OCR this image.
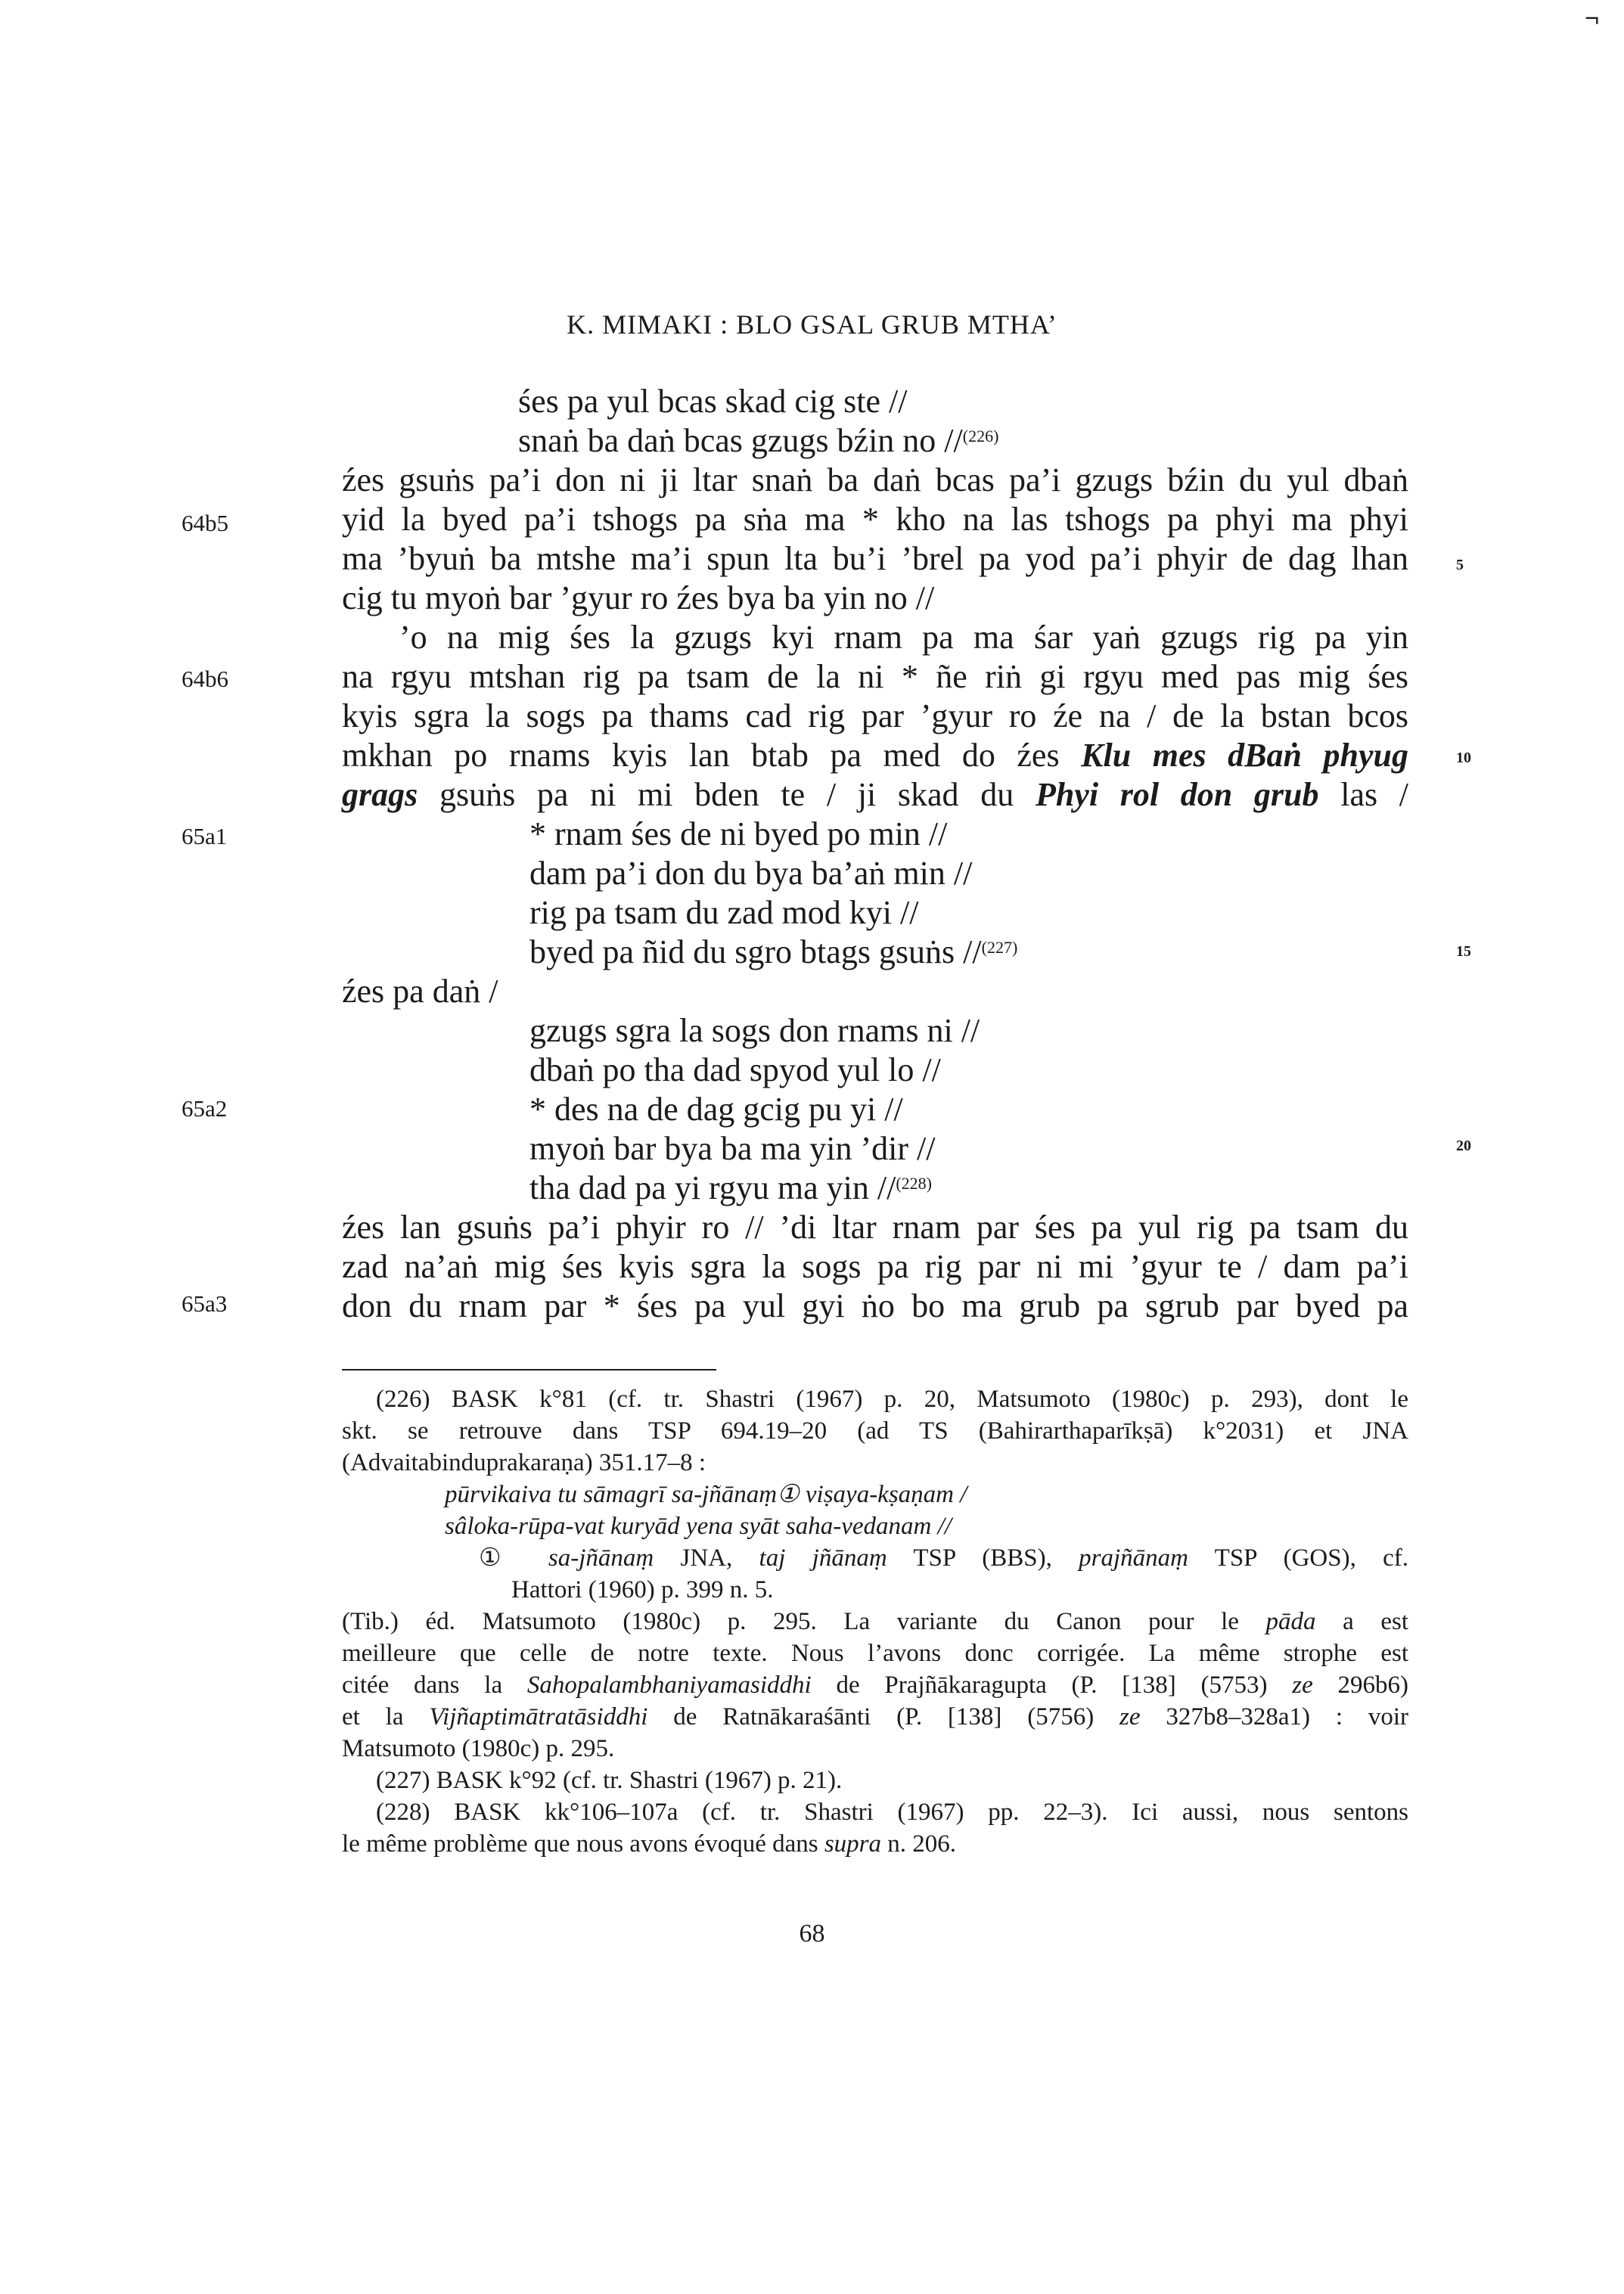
¬
K. MIMAKI : BLO GSAL GRUB MTHA’
64b5
64b6
65a1
65a2
65a3
5
10
15
20
śes pa yul bcas skad cig ste //
snaṅ ba daṅ bcas gzugs bźin no //$^{(226)}$
źes gsuṅs pa’i don ni ji ltar snaṅ ba daṅ bcas pa’i gzugs bźin du yul dbaṅ
yid la byed pa’i tshogs pa sṅa ma * kho na las tshogs pa phyi ma phyi
ma ’byuṅ ba mtshe ma’i spun lta bu’i ’brel pa yod pa’i phyir de dag lhan
cig tu myoṅ bar ’gyur ro źes bya ba yin no //
’o na mig śes la gzugs kyi rnam pa ma śar yaṅ gzugs rig pa yin
na rgyu mtshan rig pa tsam de la ni * ñe riṅ gi rgyu med pas mig śes
kyis sgra la sogs pa thams cad rig par ’gyur ro źe na / de la bstan bcos
mkhan po rnams kyis lan btab pa med do źes Klu mes dBaṅ phyug
grags gsuṅs pa ni mi bden te / ji skad du Phyi rol don grub las /
* rnam śes de ni byed po min //
dam pa’i don du bya ba’aṅ min //
rig pa tsam du zad mod kyi //
byed pa ñid du sgro btags gsuṅs //$^{(227)}$
źes pa daṅ /
gzugs sgra la sogs don rnams ni //
dbaṅ po tha dad spyod yul lo //
* des na de dag gcig pu yi //
myoṅ bar bya ba ma yin ’dir //
tha dad pa yi rgyu ma yin //$^{(228)}$
źes lan gsuṅs pa’i phyir ro // ’di ltar rnam par śes pa yul rig pa tsam du
zad na’aṅ mig śes kyis sgra la sogs pa rig par ni mi ’gyur te / dam pa’i
don du rnam par * śes pa yul gyi ṅo bo ma grub pa sgrub par byed pa
(226) BASK k°81 (cf. tr. Shastri (1967) p. 20, Matsumoto (1980c) p. 293), dont le
skt. se retrouve dans TSP 694.19–20 (ad TS (Bahirarthaparīkṣā) k°2031) et JNA
(Advaitabinduprakaraṇa) 351.17–8 :
pūrvikaiva tu sāmagrī sa-jñānaṃ① viṣaya-kṣaṇam /
sâloka-rūpa-vat kuryād yena syāt saha-vedanam //
① sa-jñānaṃ JNA, taj jñānaṃ TSP (BBS), prajñānaṃ TSP (GOS), cf.
Hattori (1960) p. 399 n. 5.
(Tib.) éd. Matsumoto (1980c) p. 295. La variante du Canon pour le pāda a est
meilleure que celle de notre texte. Nous l’avons donc corrigée. La même strophe est
citée dans la Sahopalambhaniyamasiddhi de Prajñākaragupta (P. [138] (5753) ze 296b6)
et la Vijñaptimātratāsiddhi de Ratnākaraśānti (P. [138] (5756) ze 327b8–328a1) : voir
Matsumoto (1980c) p. 295.
(227) BASK k°92 (cf. tr. Shastri (1967) p. 21).
(228) BASK kk°106–107a (cf. tr. Shastri (1967) pp. 22–3). Ici aussi, nous sentons
le même problème que nous avons évoqué dans supra n. 206.
68
